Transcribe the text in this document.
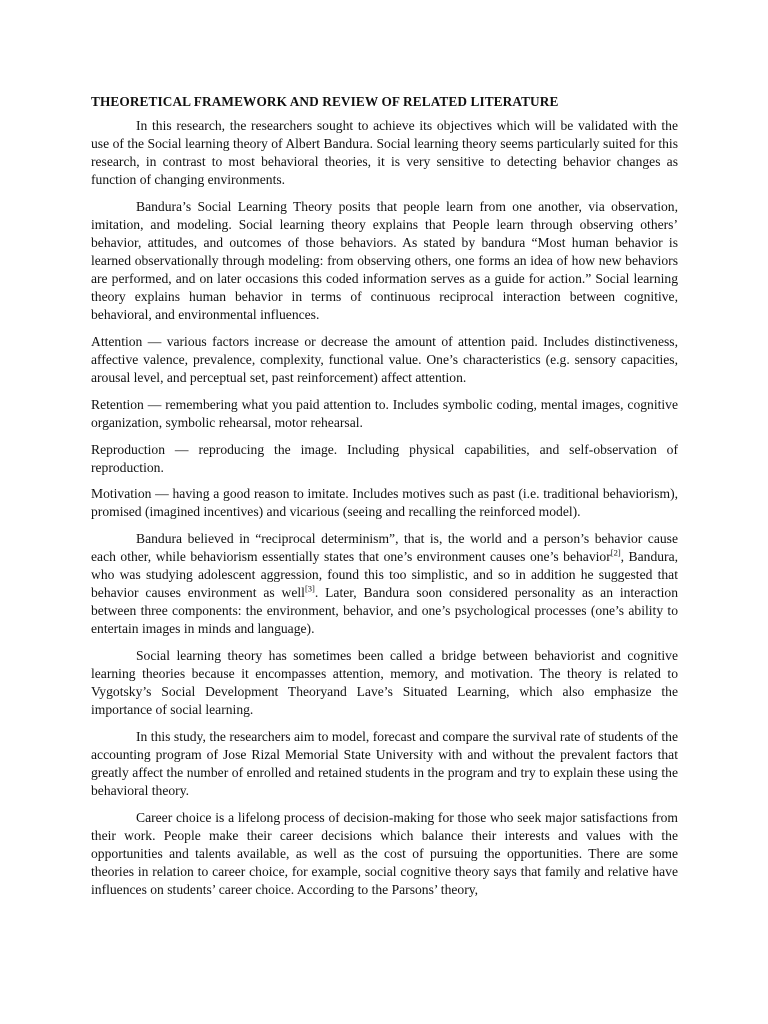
THEORETICAL FRAMEWORK AND REVIEW OF RELATED LITERATURE

In this research, the researchers sought to achieve its objectives which will be validated with the use of the Social learning theory of Albert Bandura. Social learning theory seems particularly suited for this research, in contrast to most behavioral theories, it is very sensitive to detecting behavior changes as function of changing environments.

Bandura’s Social Learning Theory posits that people learn from one another, via observation, imitation, and modeling. Social learning theory explains that People learn through observing others’ behavior, attitudes, and outcomes of those behaviors. As stated by bandura “Most human behavior is learned observationally through modeling: from observing others, one forms an idea of how new behaviors are performed, and on later occasions this coded information serves as a guide for action.” Social learning theory explains human behavior in terms of continuous reciprocal interaction between cognitive, behavioral, and environmental influences.

Attention — various factors increase or decrease the amount of attention paid. Includes distinctiveness, affective valence, prevalence, complexity, functional value. One’s characteristics (e.g. sensory capacities, arousal level, and perceptual set, past reinforcement) affect attention.

Retention — remembering what you paid attention to. Includes symbolic coding, mental images, cognitive organization, symbolic rehearsal, motor rehearsal.

Reproduction — reproducing the image. Including physical capabilities, and self-observation of reproduction.

Motivation — having a good reason to imitate. Includes motives such as past (i.e. traditional behaviorism), promised (imagined incentives) and vicarious (seeing and recalling the reinforced model).

Bandura believed in “reciprocal determinism”, that is, the world and a person’s behavior cause each other, while behaviorism essentially states that one’s environment causes one’s behavior[2], Bandura, who was studying adolescent aggression, found this too simplistic, and so in addition he suggested that behavior causes environment as well[3]. Later, Bandura soon considered personality as an interaction between three components: the environment, behavior, and one’s psychological processes (one’s ability to entertain images in minds and language).

Social learning theory has sometimes been called a bridge between behaviorist and cognitive learning theories because it encompasses attention, memory, and motivation. The theory is related to Vygotsky’s Social Development Theoryand Lave’s Situated Learning, which also emphasize the importance of social learning.

In this study, the researchers aim to model, forecast and compare the survival rate of students of the accounting program of Jose Rizal Memorial State University with and without the prevalent factors that greatly affect the number of enrolled and retained students in the program and try to explain these using the behavioral theory.

Career choice is a lifelong process of decision-making for those who seek major satisfactions from their work. People make their career decisions which balance their interests and values with the opportunities and talents available, as well as the cost of pursuing the opportunities. There are some theories in relation to career choice, for example, social cognitive theory says that family and relative have influences on students’ career choice. According to the Parsons’ theory,
